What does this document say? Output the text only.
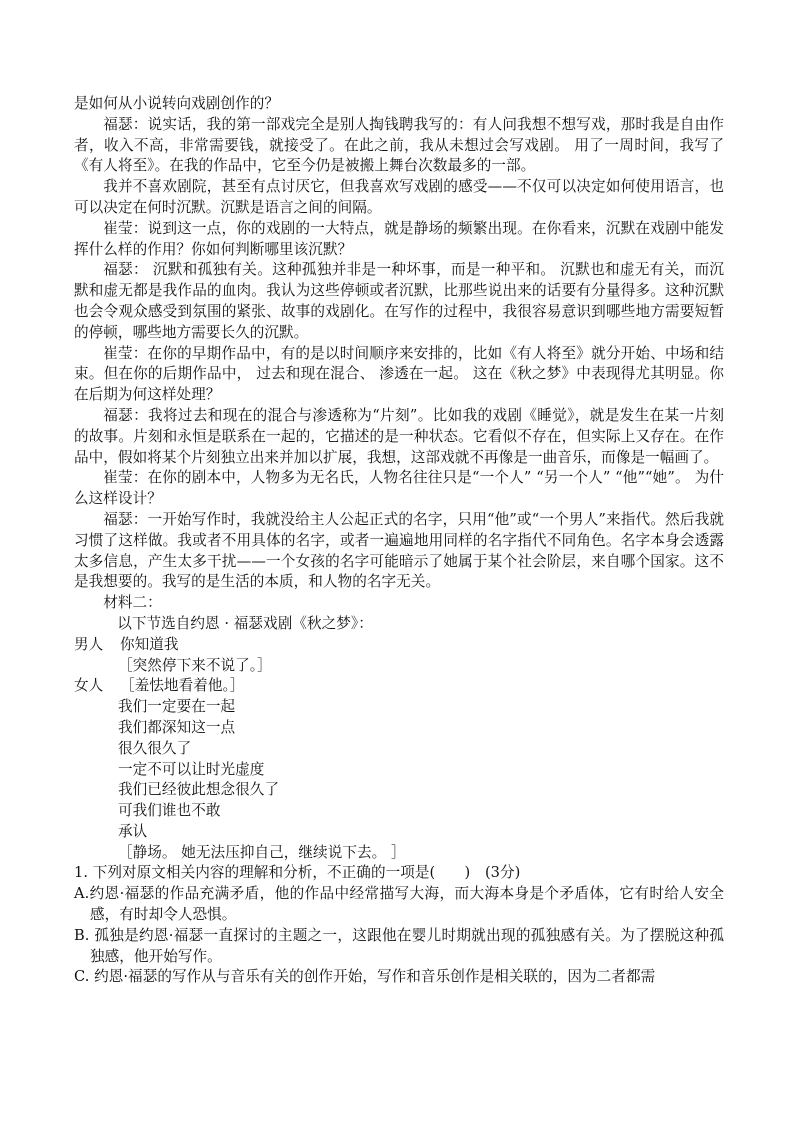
是如何从小说转向戏剧创作的？

福瑟：说实话，我的第一部戏完全是别人掏钱聘我写的：有人问我想不想写戏，那时我是自由作者，收入不高，非常需要钱，就接受了。在此之前，我从未想过会写戏剧。 用了一周时间，我写了《有人将至》。在我的作品中，它至今仍是被搬上舞台次数最多的一部。

我并不喜欢剧院，甚至有点讨厌它，但我喜欢写戏剧的感受——不仅可以决定如何使用语言，也可以决定在何时沉默。沉默是语言之间的间隔。

崔莹：说到这一点，你的戏剧的一大特点，就是静场的频繁出现。在你看来，沉默在戏剧中能发挥什么样的作用？你如何判断哪里该沉默？

福瑟： 沉默和孤独有关。这种孤独并非是一种坏事，而是一种平和。 沉默也和虚无有关，而沉默和虚无都是我作品的血肉。我认为这些停顿或者沉默，比那些说出来的话要有分量得多。这种沉默也会令观众感受到氛围的紧张、故事的戏剧化。在写作的过程中，我很容易意识到哪些地方需要短暂的停顿，哪些地方需要长久的沉默。

崔莹：在你的早期作品中，有的是以时间顺序来安排的，比如《有人将至》就分开始、中场和结束。但在你的后期作品中， 过去和现在混合、 渗透在一起。 这在《秋之梦》中表现得尤其明显。你在后期为何这样处理？

福瑟：我将过去和现在的混合与渗透称为“片刻”。比如我的戏剧《睡觉》，就是发生在某一片刻的故事。片刻和永恒是联系在一起的，它描述的是一种状态。它看似不存在，但实际上又存在。在作品中，假如将某个片刻独立出来并加以扩展，我想，这部戏就不再像是一曲音乐，而像是一幅画了。

崔莹：在你的剧本中，人物多为无名氏，人物名往往只是“一个人” “另一个人” “他”“她”。 为什么这样设计？

福瑟：一开始写作时，我就没给主人公起正式的名字，只用“他”或“一个男人”来指代。然后我就习惯了这样做。我或者不用具体的名字，或者一遍遍地用同样的名字指代不同角色。名字本身会透露太多信息，产生太多干扰——一个女孩的名字可能暗示了她属于某个社会阶层，来自哪个国家。这不是我想要的。我写的是生活的本质，和人物的名字无关。

材料二：

以下节选自约恩 · 福瑟戏剧《秋之梦》：

男人 你知道我

［突然停下来不说了。］

女人 ［羞怯地看着他。］

我们一定要在一起

我们都深知这一点

很久很久了

一定不可以让时光虚度

我们已经彼此想念很久了

可我们谁也不敢

承认

［静场。 她无法压抑自己，继续说下去。 ］

1. 下列对原文相关内容的理解和分析，不正确的一项是(　　)　(3分)

A.约恩·福瑟的作品充满矛盾，他的作品中经常描写大海，而大海本身是个矛盾体，它有时给人安全感，有时却令人恐惧。

B. 孤独是约恩·福瑟一直探讨的主题之一，这跟他在婴儿时期就出现的孤独感有关。为了摆脱这种孤独感，他开始写作。

C. 约恩·福瑟的写作从与音乐有关的创作开始，写作和音乐创作是相关联的，因为二者都需
